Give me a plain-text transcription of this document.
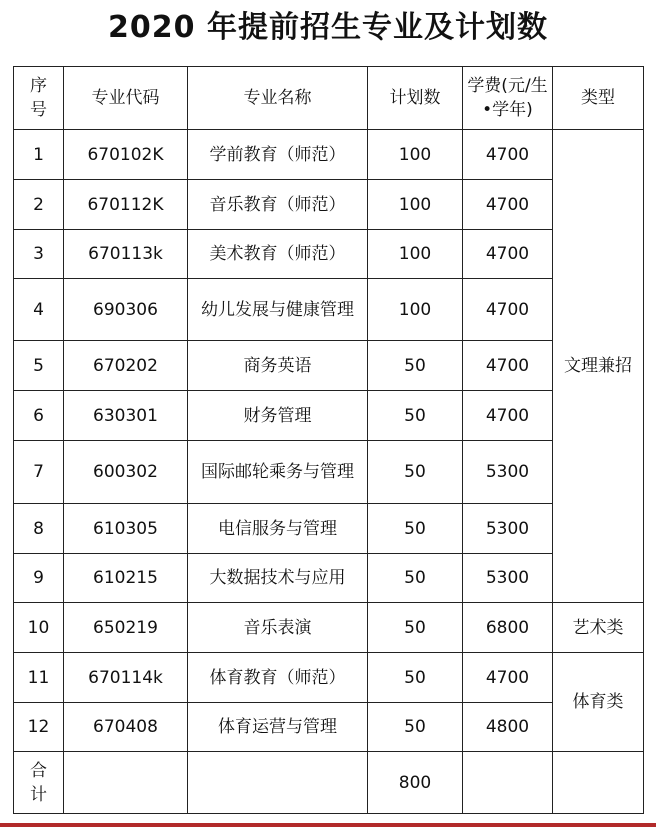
2020 年提前招生专业及计划数
序号	专业代码	专业名称	计划数	学费(元/生•学年)	类型
1	670102K	学前教育（师范）	100	4700	文理兼招
2	670112K	音乐教育（师范）	100	4700	
3	670113k	美术教育（师范）	100	4700	
4	690306	幼儿发展与健康管理	100	4700	
5	670202	商务英语	50	4700	
6	630301	财务管理	50	4700	
7	600302	国际邮轮乘务与管理	50	5300	
8	610305	电信服务与管理	50	5300	
9	610215	大数据技术与应用	50	5300	
10	650219	音乐表演	50	6800	艺术类
11	670114k	体育教育（师范）	50	4700	体育类
12	670408	体育运营与管理	50	4800	
合计			800		
